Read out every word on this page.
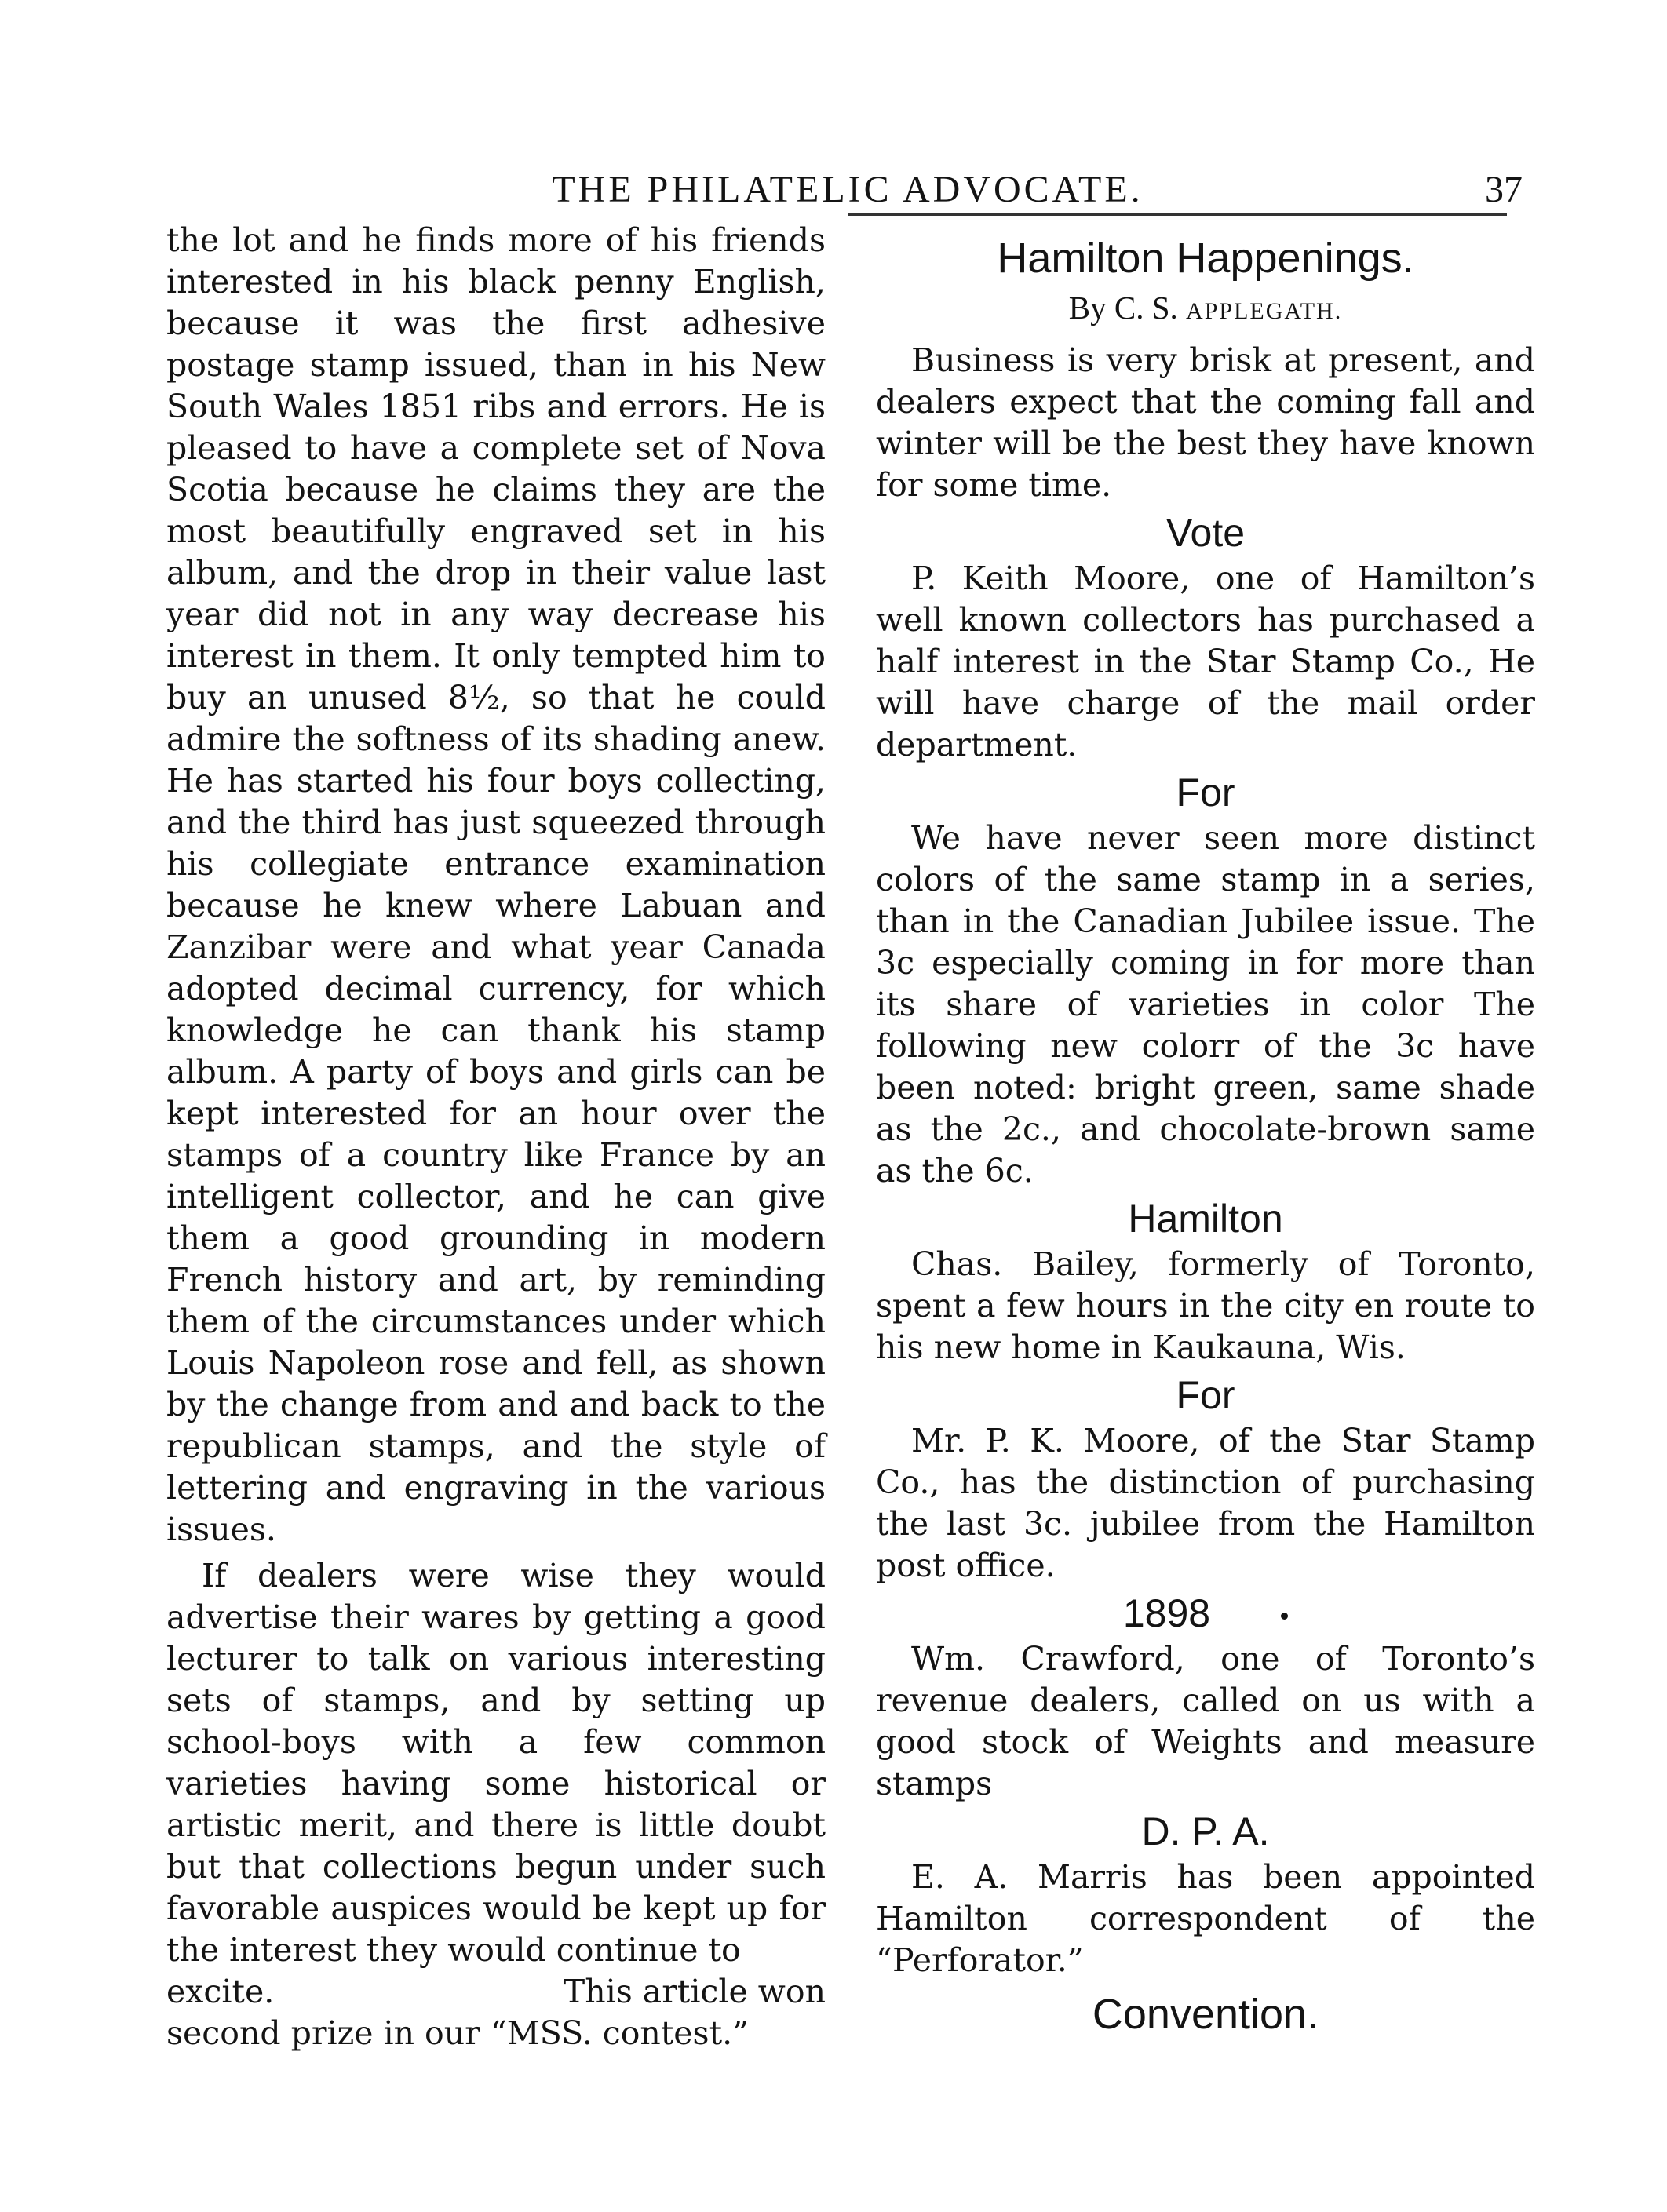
THE PHILATELIC ADVOCATE.	37

the lot and he finds more of his friends interested in his black penny English, because it was the first adhesive postage stamp issued, than in his New South Wales 1851 ribs and errors. He is pleased to have a complete set of Nova Scotia because he claims they are the most beautifully engraved set in his album, and the drop in their value last year did not in any way decrease his interest in them. It only tempted him to buy an unused 8½, so that he could admire the softness of its shading anew. He has started his four boys collecting, and the third has just squeezed through his collegiate entrance examination because he knew where Labuan and Zanzibar were and what year Canada adopted decimal currency, for which knowledge he can thank his stamp album. A party of boys and girls can be kept interested for an hour over the stamps of a country like France by an intelligent collector, and he can give them a good grounding in modern French history and art, by reminding them of the circumstances under which Louis Napoleon rose and fell, as shown by the change from and and back to the republican stamps, and the style of lettering and engraving in the various issues.

If dealers were wise they would advertise their wares by getting a good lecturer to talk on various interesting sets of stamps, and by setting up school-boys with a few common varieties having some historical or artistic merit, and there is little doubt but that collections begun under such favorable auspices would be kept up for the interest they would continue to

excite.	This article won
second prize in our “MSS. contest.”
Hamilton Happenings.
By C. S. APPLEGATH.

Business is very brisk at present, and dealers expect that the coming fall and winter will be the best they have known for some time.

Vote

P. Keith Moore, one of Hamilton’s well known collectors has purchased a half interest in the Star Stamp Co., He will have charge of the mail order department.

For

We have never seen more distinct colors of the same stamp in a series, than in the Canadian Jubilee issue. The 3c especially coming in for more than its share of varieties in color The following new colorr of the 3c have been noted: bright green, same shade as the 2c., and chocolate-brown same as the 6c.

Hamilton

Chas. Bailey, formerly of Toronto, spent a few hours in the city en route to his new home in Kaukauna, Wis.

For

Mr. P. K. Moore, of the Star Stamp Co., has the distinction of purchasing the last 3c. jubilee from the Hamilton post office.

1898

Wm. Crawford, one of Toronto’s revenue dealers, called on us with a good stock of Weights and measure stamps

D. P. A.

E. A. Marris has been appointed Hamilton correspondent of the “Perforator.”

Convention.
